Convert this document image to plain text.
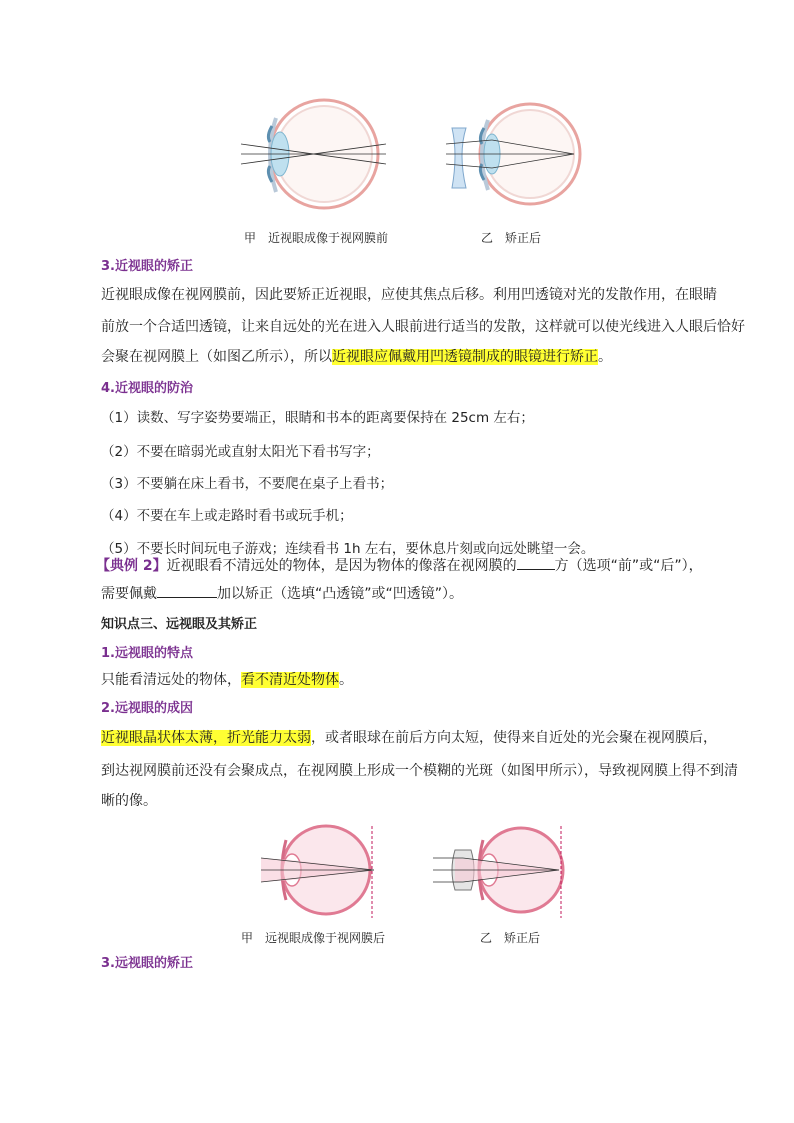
甲　近视眼成像于视网膜前	乙　矫正后
3.近视眼的矫正
近视眼成像在视网膜前，因此要矫正近视眼，应使其焦点后移。利用凹透镜对光的发散作用，在眼睛
前放一个合适凹透镜，让来自远处的光在进入人眼前进行适当的发散，这样就可以使光线进入人眼后恰好
会聚在视网膜上（如图乙所示），所以近视眼应佩戴用凹透镜制成的眼镜进行矫正。
4.近视眼的防治
（1）读数、写字姿势要端正，眼睛和书本的距离要保持在 25cm 左右；
（2）不要在暗弱光或直射太阳光下看书写字；
（3）不要躺在床上看书，不要爬在桌子上看书；
（4）不要在车上或走路时看书或玩手机；
（5）不要长时间玩电子游戏；连续看书 1h 左右，要休息片刻或向远处眺望一会。
【典例 2】近视眼看不清远处的物体，是因为物体的像落在视网膜的	方（选项“前”或“后”），
需要佩戴	加以矫正（选填“凸透镜”或“凹透镜”）。
知识点三、远视眼及其矫正
1.远视眼的特点
只能看清远处的物体，看不清近处物体。
2.远视眼的成因
近视眼晶状体太薄，折光能力太弱，或者眼球在前后方向太短，使得来自近处的光会聚在视网膜后，
到达视网膜前还没有会聚成点，在视网膜上形成一个模糊的光斑（如图甲所示），导致视网膜上得不到清
晰的像。
甲　远视眼成像于视网膜后	乙　矫正后
3.远视眼的矫正
